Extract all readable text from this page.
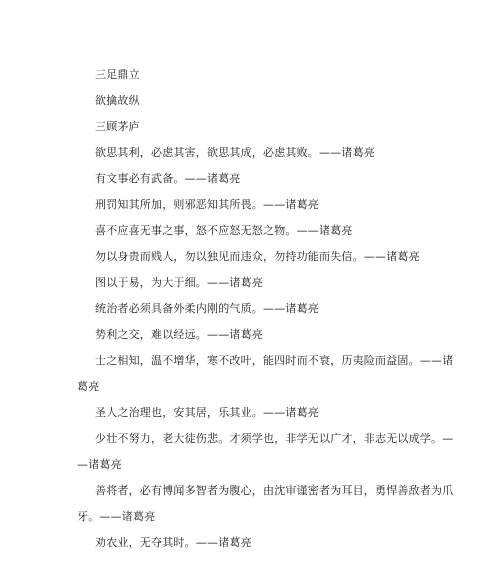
三足鼎立
欲擒故纵
三顾茅庐
欲思其利，必虑其害，欲思其成，必虑其败。——诸葛亮
有文事必有武备。——诸葛亮
刑罚知其所加，则邪恶知其所畏。——诸葛亮
喜不应喜无事之事，怒不应怒无怒之物。——诸葛亮
勿以身贵而贱人，勿以独见而违众，勿持功能而失信。——诸葛亮
图以于易，为大于细。——诸葛亮
统治者必须具备外柔内刚的气质。——诸葛亮
势利之交，难以经远。——诸葛亮
士之相知，温不增华，寒不改叶，能四时而不衰，历夷险而益固。——诸
葛亮
圣人之治理也，安其居，乐其业。——诸葛亮
少壮不努力，老大徒伤悲。才须学也，非学无以广才，非志无以成学。—
—诸葛亮
善将者，必有博闻多智者为腹心，由沈审谨密者为耳目，勇悍善敌者为爪
牙。——诸葛亮
劝农业，无夺其时。——诸葛亮
